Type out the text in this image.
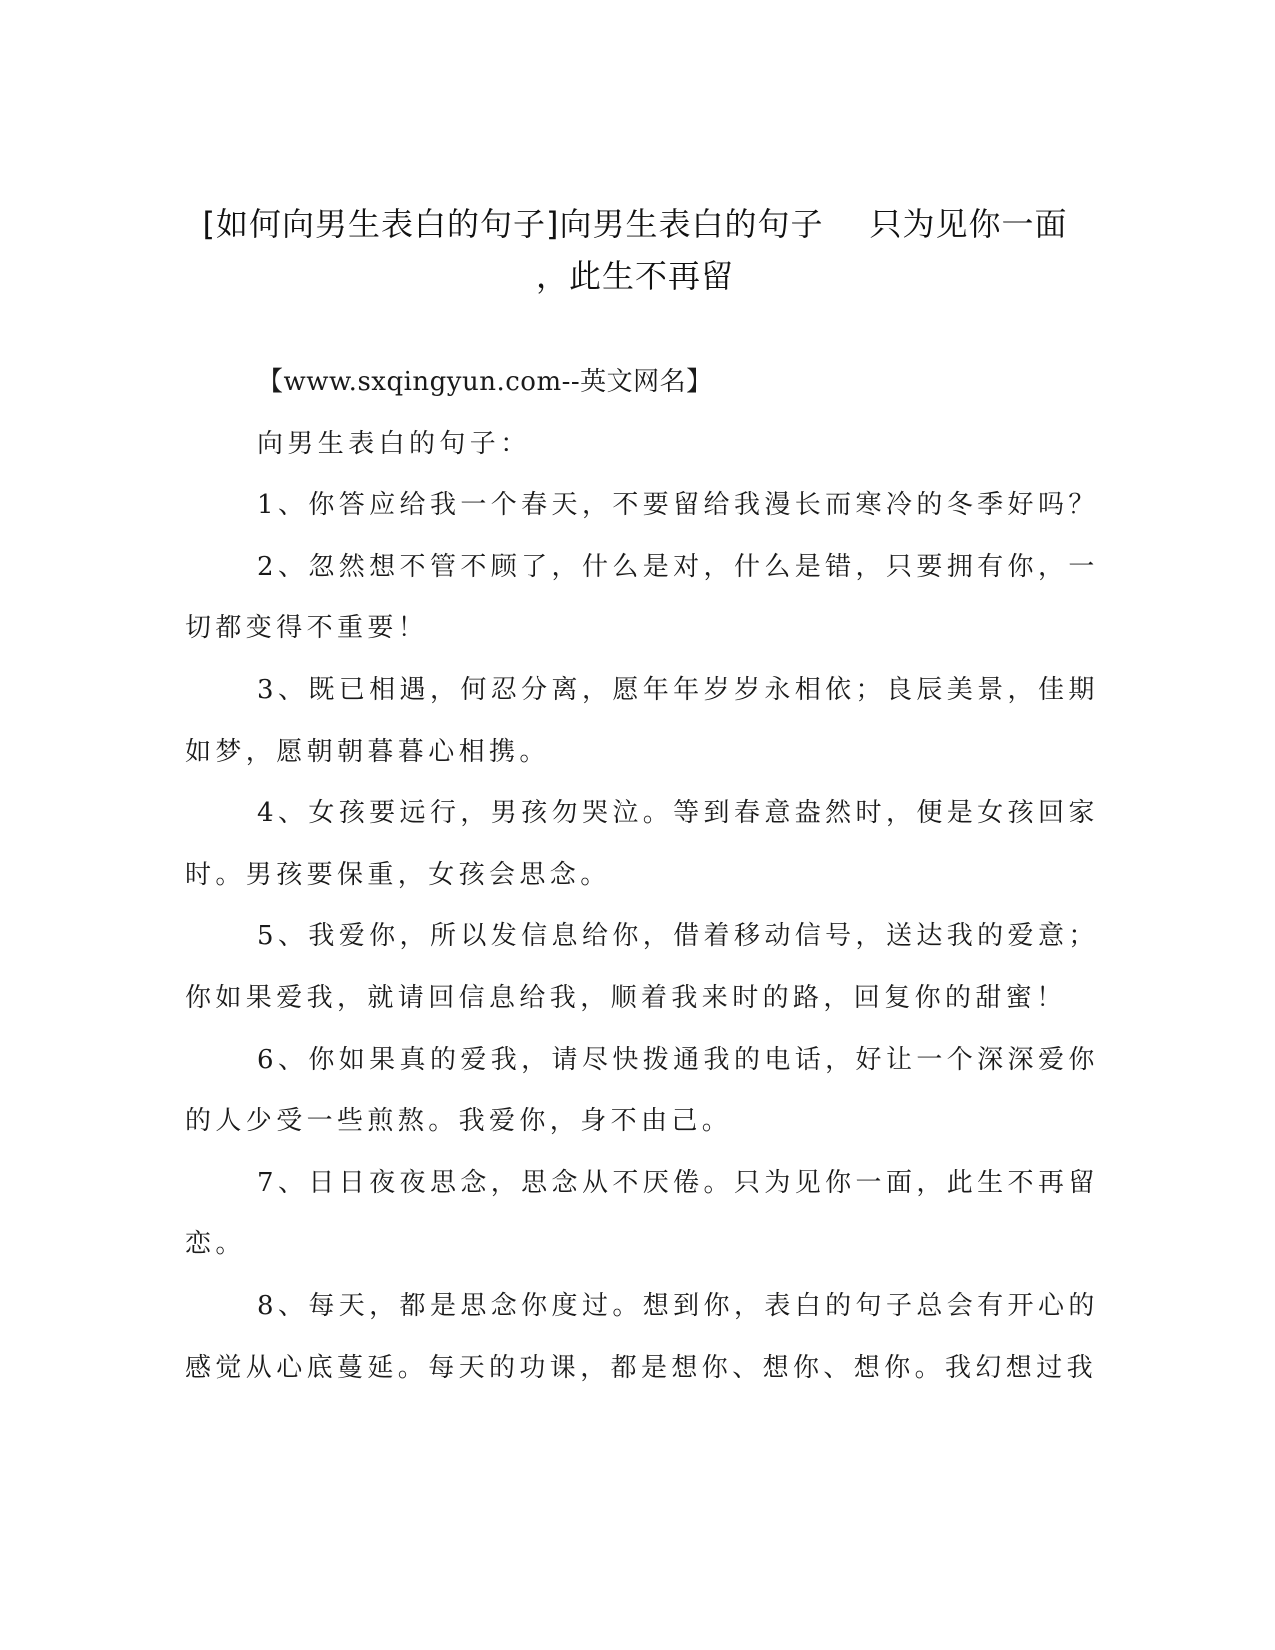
[如何向男生表白的句子]向男生表白的句子 只为见你一面
，此生不再留
【www.sxqingyun.com--英文网名】
向男生表白的句子：
1、你答应给我一个春天，不要留给我漫长而寒冷的冬季好吗？
2、忽然想不管不顾了，什么是对，什么是错，只要拥有你，一
切都变得不重要！
3、既已相遇，何忍分离，愿年年岁岁永相依；良辰美景，佳期
如梦，愿朝朝暮暮心相携。
4、女孩要远行，男孩勿哭泣。等到春意盎然时，便是女孩回家
时。男孩要保重，女孩会思念。
5、我爱你，所以发信息给你，借着移动信号，送达我的爱意；
你如果爱我，就请回信息给我，顺着我来时的路，回复你的甜蜜！
6、你如果真的爱我，请尽快拨通我的电话，好让一个深深爱你
的人少受一些煎熬。我爱你，身不由己。
7、日日夜夜思念，思念从不厌倦。只为见你一面，此生不再留
恋。
8、每天，都是思念你度过。想到你，表白的句子总会有开心的
感觉从心底蔓延。每天的功课，都是想你、想你、想你。我幻想过我
